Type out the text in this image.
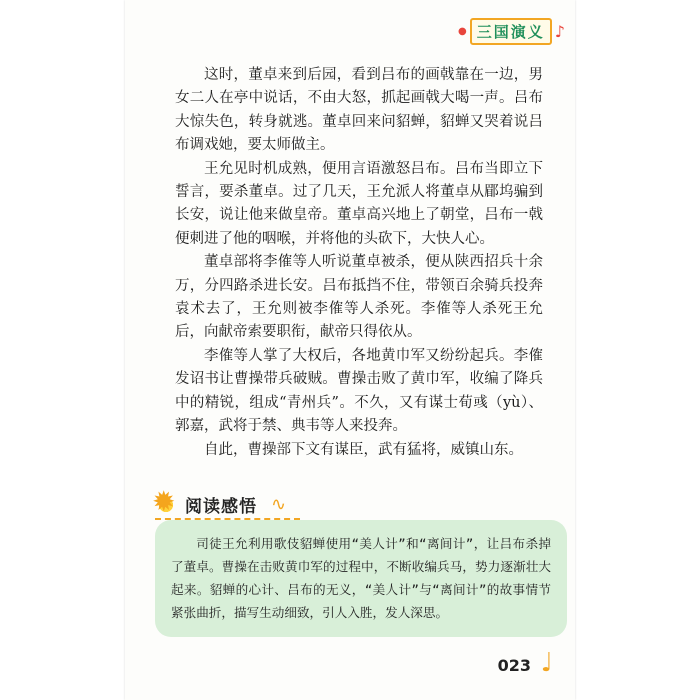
● 三国演义 ♪

这时，董卓来到后园，看到吕布的画戟靠在一边，男女二人在亭中说话，不由大怒，抓起画戟大喝一声。吕布大惊失色，转身就逃。董卓回来问貂蝉，貂蝉又哭着说吕布调戏她，要太师做主。

王允见时机成熟，便用言语激怒吕布。吕布当即立下誓言，要杀董卓。过了几天，王允派人将董卓从郿坞骗到长安，说让他来做皇帝。董卓高兴地上了朝堂，吕布一戟便刺进了他的咽喉，并将他的头砍下，大快人心。

董卓部将李傕等人听说董卓被杀，便从陕西招兵十余万，分四路杀进长安。吕布抵挡不住，带领百余骑兵投奔袁术去了，王允则被李傕等人杀死。李傕等人杀死王允后，向献帝索要职衔，献帝只得依从。

李傕等人掌了大权后，各地黄巾军又纷纷起兵。李傕发诏书让曹操带兵破贼。曹操击败了黄巾军，收编了降兵中的精锐，组成“青州兵”。不久，又有谋士荀彧（yù）、郭嘉，武将于禁、典韦等人来投奔。

自此，曹操部下文有谋臣，武有猛将，威镇山东。

✹
阅读感悟 ∿

司徒王允利用歌伎貂蝉使用“美人计”和“离间计”，让吕布杀掉了董卓。曹操在击败黄巾军的过程中，不断收编兵马，势力逐渐壮大起来。貂蝉的心计、吕布的无义，“美人计”与“离间计”的故事情节紧张曲折，描写生动细致，引人入胜，发人深思。

023 ♩
